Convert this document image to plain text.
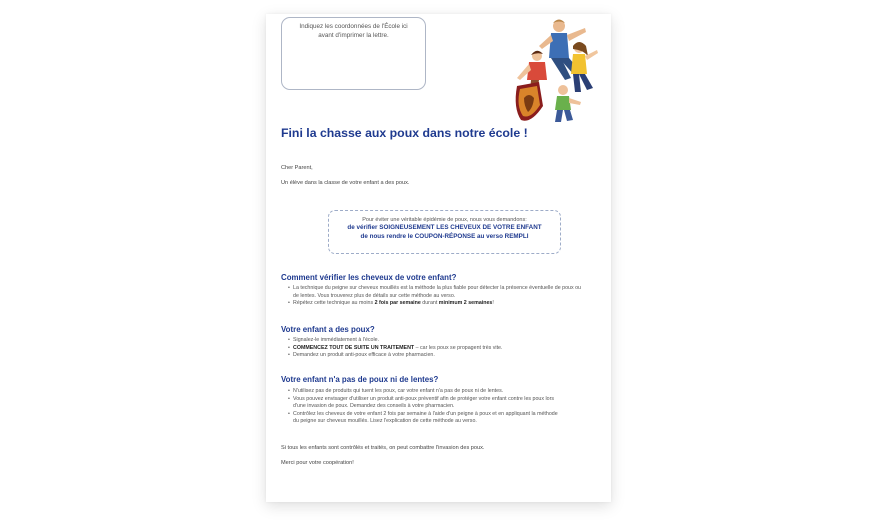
Indiquez les coordonnées de l'École ici
avant d'imprimer la lettre.
Fini la chasse aux poux dans notre école !
Cher Parent,
Un élève dans la classe de votre enfant a des poux.
Pour éviter une véritable épidémie de poux, nous vous demandons:
de vérifier SOIGNEUSEMENT LES CHEVEUX DE VOTRE ENFANT
de nous rendre le COUPON-RÉPONSE au verso REMPLI
Comment vérifier les cheveux de votre enfant?
• La technique du peigne sur cheveux mouillés est la méthode la plus fiable pour détecter la présence éventuelle de poux ou
de lentes. Vous trouverez plus de détails sur cette méthode au verso.
• Répétez cette technique au moins 2 fois par semaine durant minimum 2 semaines!
Votre enfant a des poux?
• Signalez-le immédiatement à l'école.
• COMMENCEZ TOUT DE SUITE UN TRAITEMENT – car les poux se propagent très vite.
• Demandez un produit anti-poux efficace à votre pharmacien.
Votre enfant n'a pas de poux ni de lentes?
• N'utilisez pas de produits qui tuent les poux, car votre enfant n'a pas de poux ni de lentes.
• Vous pouvez envisager d'utiliser un produit anti-poux préventif afin de protéger votre enfant contre les poux lors
d'une invasion de poux. Demandez des conseils à votre pharmacien.
• Contrôlez les cheveux de votre enfant 2 fois par semaine à l'aide d'un peigne à poux et en appliquant la méthode
du peigne sur cheveux mouillés. Lisez l'explication de cette méthode au verso.
Si tous les enfants sont contrôlés et traités, on peut combattre l'invasion des poux.
Merci pour votre coopération!
